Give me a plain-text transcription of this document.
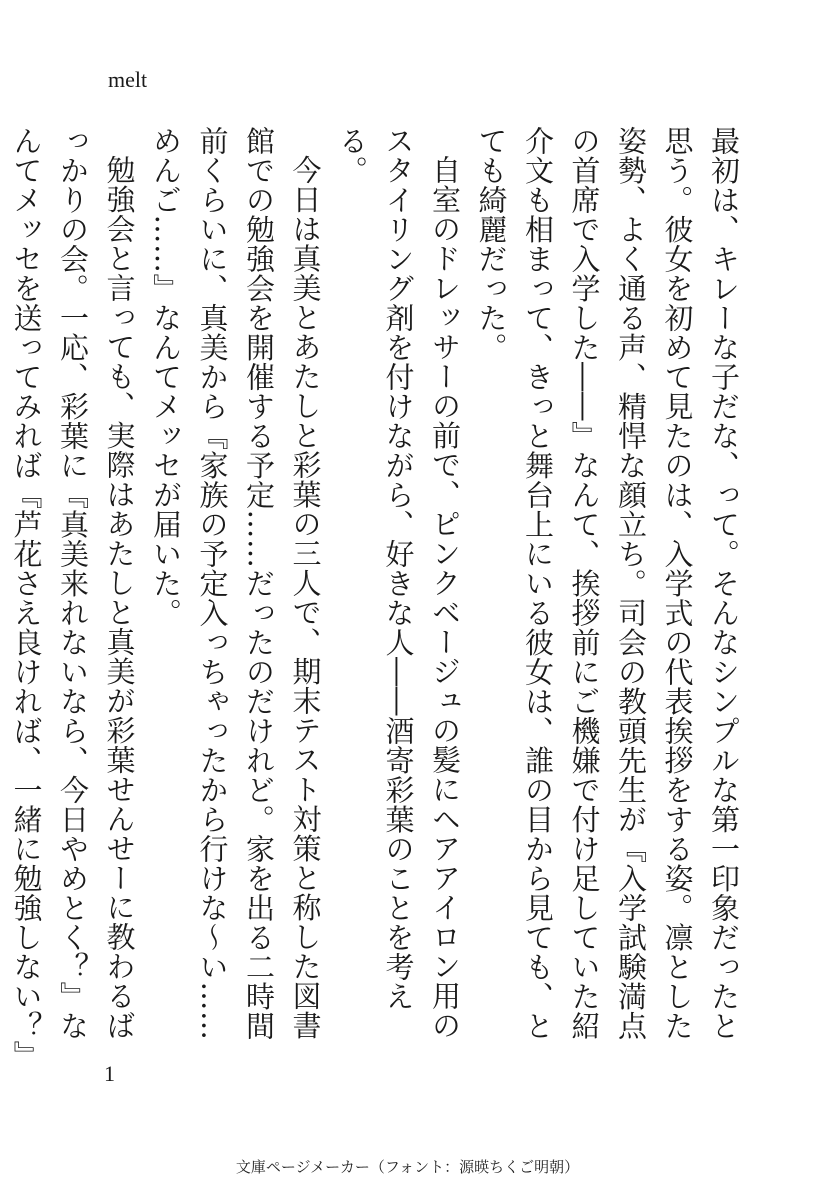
melt

最初は、キレーな子だな、って。そんなシンプルな第一印象だったと思う。彼女を初めて見たのは、入学式の代表挨拶をする姿。凛とした姿勢、よく通る声、精悍な顔立ち。司会の教頭先生が『入学試験満点の首席で入学した――』なんて、挨拶前にご機嫌で付け足していた紹介文も相まって、きっと舞台上にいる彼女は、誰の目から見ても、とても綺麗だった。

自室のドレッサーの前で、ピンクベージュの髪にヘアアイロン用のスタイリング剤を付けながら、好きな人――酒寄彩葉のことを考える。

今日は真美とあたしと彩葉の三人で、期末テスト対策と称した図書館での勉強会を開催する予定……だったのだけれど。家を出る二時間前くらいに、真美から『家族の予定入っちゃったから行けな〜い……めんご……』なんてメッセが届いた。

勉強会と言っても、実際はあたしと真美が彩葉せんせーに教わるばっかりの会。一応、彩葉に『真美来れないなら、今日やめとく？』なんてメッセを送ってみれば『芦花さえ良ければ、一緒に勉強しない？』

1
文庫ページメーカー（フォント：源暎ちくご明朝）
